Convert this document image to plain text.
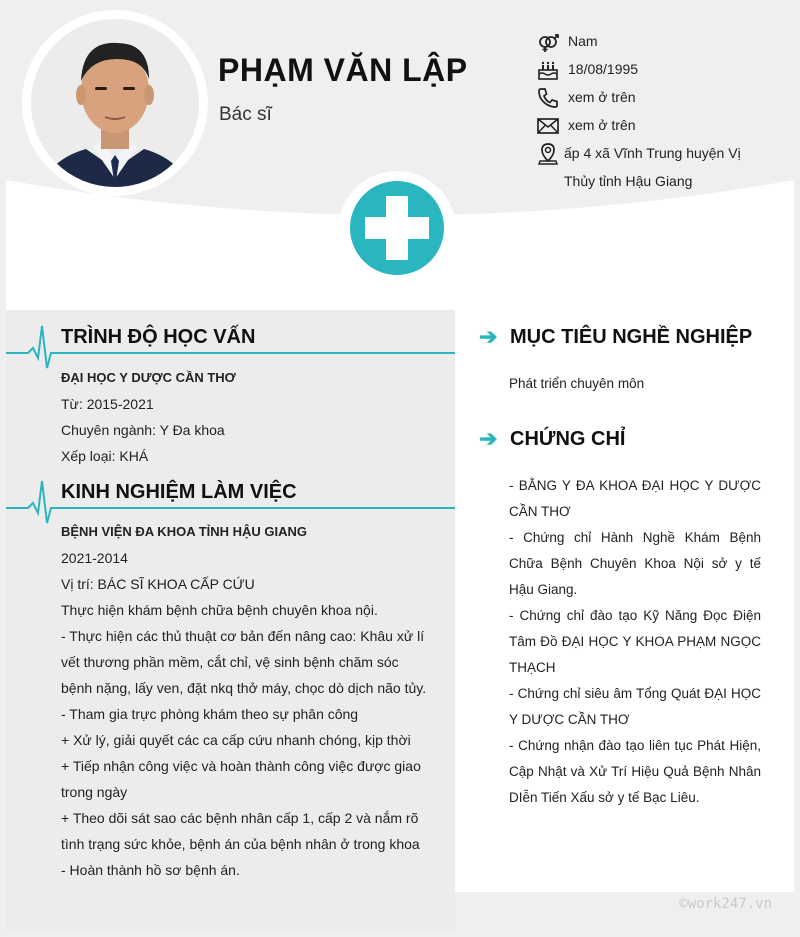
PHẠM VĂN LẬP
Bác sĩ
Nam
18/08/1995
xem ở trên
xem ở trên
ấp 4 xã Vĩnh Trung huyện Vị
Thủy tỉnh Hậu Giang
TRÌNH ĐỘ HỌC VẤN
ĐẠI HỌC Y DƯỢC CẦN THƠ
Từ: 2015-2021
Chuyên ngành: Y Đa khoa
Xếp loại: KHÁ
KINH NGHIỆM LÀM VIỆC
BỆNH VIỆN ĐA KHOA TỈNH HẬU GIANG
2021-2014
Vị trí: BÁC SĨ KHOA CẤP CỨU
Thực hiện khám bệnh chữa bệnh chuyên khoa nội.
- Thực hiện các thủ thuật cơ bản đến nâng cao: Khâu xử lí
vết thương phần mềm, cắt chỉ, vệ sinh bệnh chăm sóc
bệnh nặng, lấy ven, đặt nkq thở máy, chọc dò dịch não tủy.
- Tham gia trực phòng khám theo sự phân công
+ Xử lý, giải quyết các ca cấp cứu nhanh chóng, kịp thời
+ Tiếp nhận công việc và hoàn thành công việc được giao
trong ngày
+ Theo dõi sát sao các bệnh nhân cấp 1, cấp 2 và nắm rõ
tình trạng sức khỏe, bệnh án của bệnh nhân ở trong khoa
- Hoàn thành hồ sơ bệnh án.
➔ MỤC TIÊU NGHỀ NGHIỆP
Phát triển chuyên môn
➔ CHỨNG CHỈ
- BẰNG Y ĐA KHOA ĐẠI HỌC Y DƯỢC CẦN THƠ
- Chứng chỉ Hành Nghề Khám Bệnh Chữa Bệnh Chuyên Khoa Nội sở y tế Hậu Giang.
- Chứng chỉ đào tạo Kỹ Năng Đọc Điện Tâm Đồ ĐẠI HỌC Y KHOA PHẠM NGỌC THẠCH
- Chứng chỉ siêu âm Tổng Quát ĐẠI HỌC Y DƯỢC CẦN THƠ
- Chứng nhận đào tạo liên tục Phát Hiện, Cập Nhật và Xử Trí Hiệu Quả Bệnh Nhân DIễn Tiến Xấu sở y tế Bạc Liêu.
©work247.vn
